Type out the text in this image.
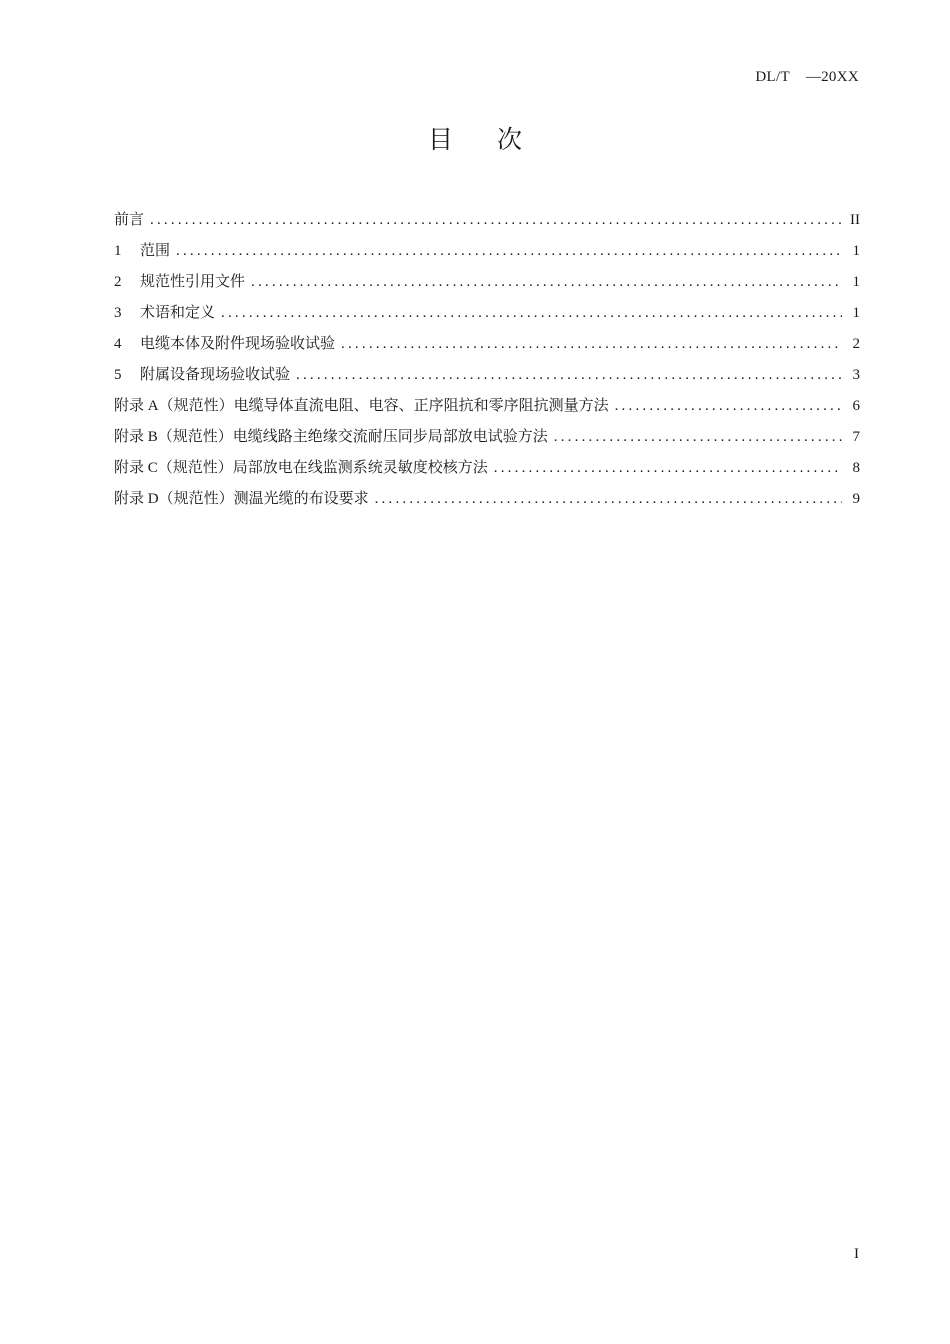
DL/T    —20XX
目 次
前言 .....	II
1	范围 .....	1
2	规范性引用文件 .....	1
3	术语和定义 .....	1
4	电缆本体及附件现场验收试验 .....	2
5	附属设备现场验收试验 .....	3
附录 A（规范性）电缆导体直流电阻、电容、正序阻抗和零序阻抗测量方法 .....	6
附录 B（规范性）电缆线路主绝缘交流耐压同步局部放电试验方法 .....	7
附录 C（规范性）局部放电在线监测系统灵敏度校核方法 .....	8
附录 D（规范性）测温光缆的布设要求 .....	9
I
